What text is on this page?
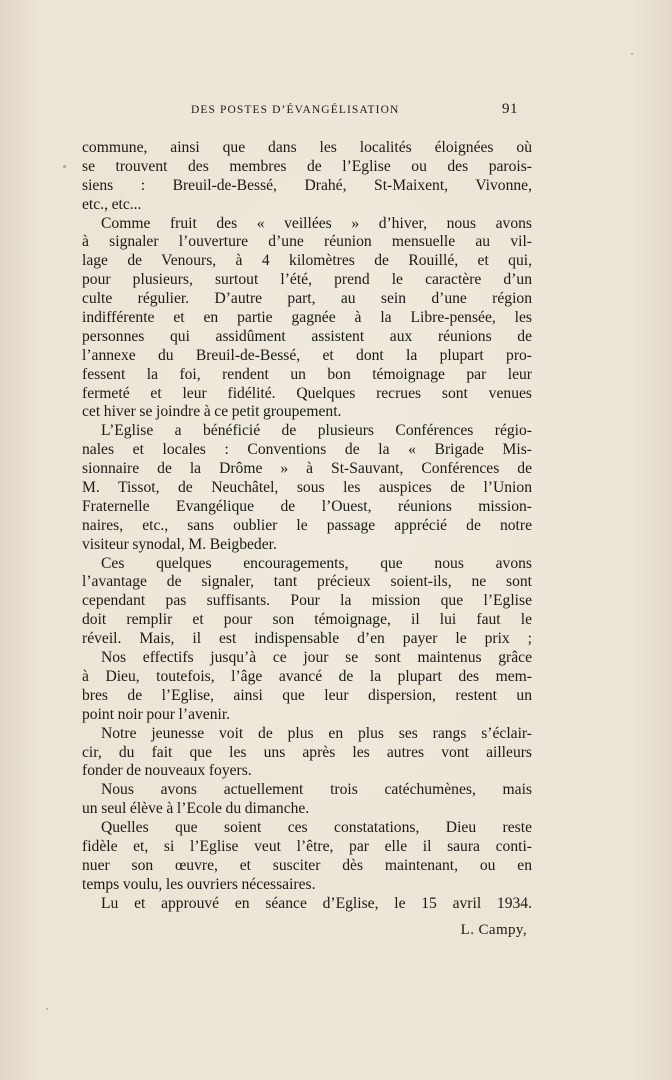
DES POSTES D’ÉVANGÉLISATION	91
commune, ainsi que dans les localités éloignées où
se trouvent des membres de l’Eglise ou des parois-
siens : Breuil-de-Bessé, Drahé, St-Maixent, Vivonne,
etc., etc...
Comme fruit des « veillées » d’hiver, nous avons
à signaler l’ouverture d’une réunion mensuelle au vil-
lage de Venours, à 4 kilomètres de Rouillé, et qui,
pour plusieurs, surtout l’été, prend le caractère d’un
culte régulier. D’autre part, au sein d’une région
indifférente et en partie gagnée à la Libre-pensée, les
personnes qui assidûment assistent aux réunions de
l’annexe du Breuil-de-Bessé, et dont la plupart pro-
fessent la foi, rendent un bon témoignage par leur
fermeté et leur fidélité. Quelques recrues sont venues
cet hiver se joindre à ce petit groupement.
L’Eglise a bénéficié de plusieurs Conférences régio-
nales et locales : Conventions de la « Brigade Mis-
sionnaire de la Drôme » à St-Sauvant, Conférences de
M. Tissot, de Neuchâtel, sous les auspices de l’Union
Fraternelle Evangélique de l’Ouest, réunions mission-
naires, etc., sans oublier le passage apprécié de notre
visiteur synodal, M. Beigbeder.
Ces quelques encouragements, que nous avons
l’avantage de signaler, tant précieux soient-ils, ne sont
cependant pas suffisants. Pour la mission que l’Eglise
doit remplir et pour son témoignage, il lui faut le
réveil. Mais, il est indispensable d’en payer le prix ;
Nos effectifs jusqu’à ce jour se sont maintenus grâce
à Dieu, toutefois, l’âge avancé de la plupart des mem-
bres de l’Eglise, ainsi que leur dispersion, restent un
point noir pour l’avenir.
Notre jeunesse voit de plus en plus ses rangs s’éclair-
cir, du fait que les uns après les autres vont ailleurs
fonder de nouveaux foyers.
Nous avons actuellement trois catéchumènes, mais
un seul élève à l’Ecole du dimanche.
Quelles que soient ces constatations, Dieu reste
fidèle et, si l’Eglise veut l’être, par elle il saura conti-
nuer son œuvre, et susciter dès maintenant, ou en
temps voulu, les ouvriers nécessaires.
Lu et approuvé en séance d’Eglise, le 15 avril 1934.
L. Campy,
